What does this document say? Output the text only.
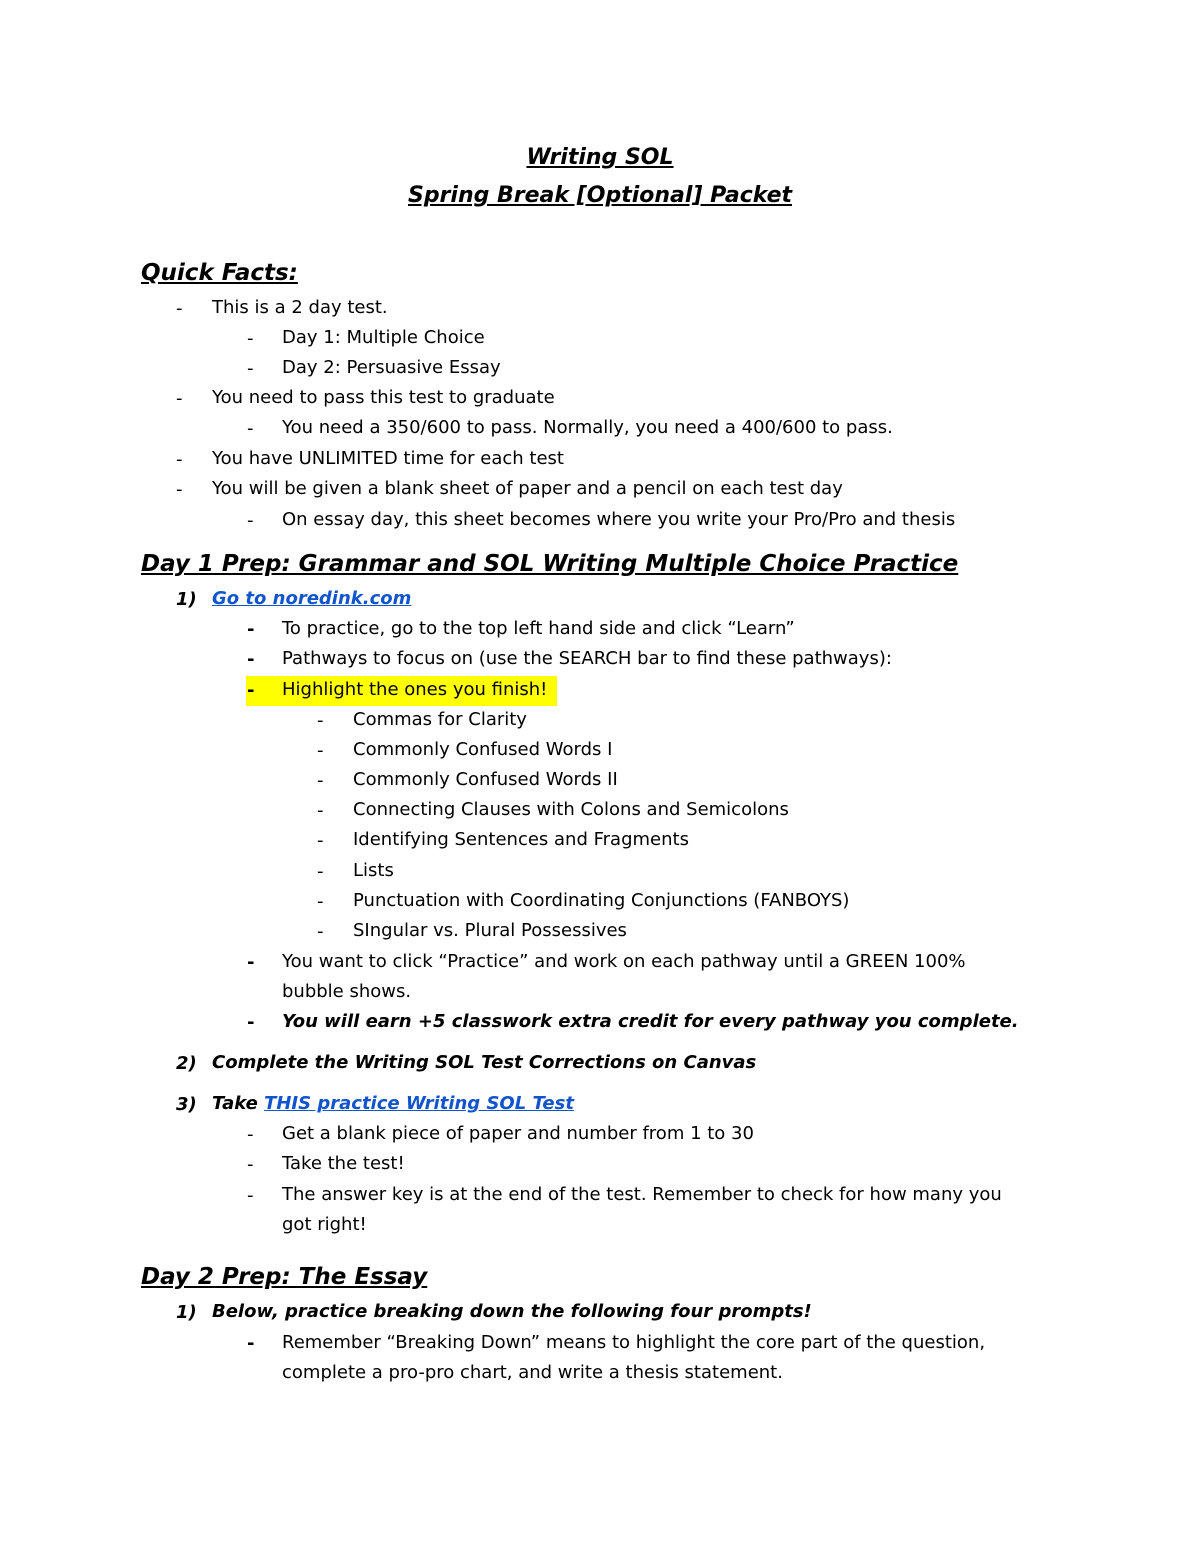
Writing SOL
Spring Break [Optional] Packet
Quick Facts:
- This is a 2 day test.
- Day 1: Multiple Choice
- Day 2: Persuasive Essay
- You need to pass this test to graduate
- You need a 350/600 to pass. Normally, you need a 400/600 to pass.
- You have UNLIMITED time for each test
- You will be given a blank sheet of paper and a pencil on each test day
- On essay day, this sheet becomes where you write your Pro/Pro and thesis
Day 1 Prep: Grammar and SOL Writing Multiple Choice Practice
1) Go to noredink.com
- To practice, go to the top left hand side and click “Learn”
- Pathways to focus on (use the SEARCH bar to find these pathways):
- Highlight the ones you finish!
- Commas for Clarity
- Commonly Confused Words I
- Commonly Confused Words II
- Connecting Clauses with Colons and Semicolons
- Identifying Sentences and Fragments
- Lists
- Punctuation with Coordinating Conjunctions (FANBOYS)
- SIngular vs. Plural Possessives
- You want to click “Practice” and work on each pathway until a GREEN 100%
bubble shows.
- You will earn +5 classwork extra credit for every pathway you complete.
2) Complete the Writing SOL Test Corrections on Canvas
3) Take THIS practice Writing SOL Test
- Get a blank piece of paper and number from 1 to 30
- Take the test!
- The answer key is at the end of the test. Remember to check for how many you
got right!
Day 2 Prep: The Essay
1) Below, practice breaking down the following four prompts!
- Remember “Breaking Down” means to highlight the core part of the question,
complete a pro-pro chart, and write a thesis statement.
